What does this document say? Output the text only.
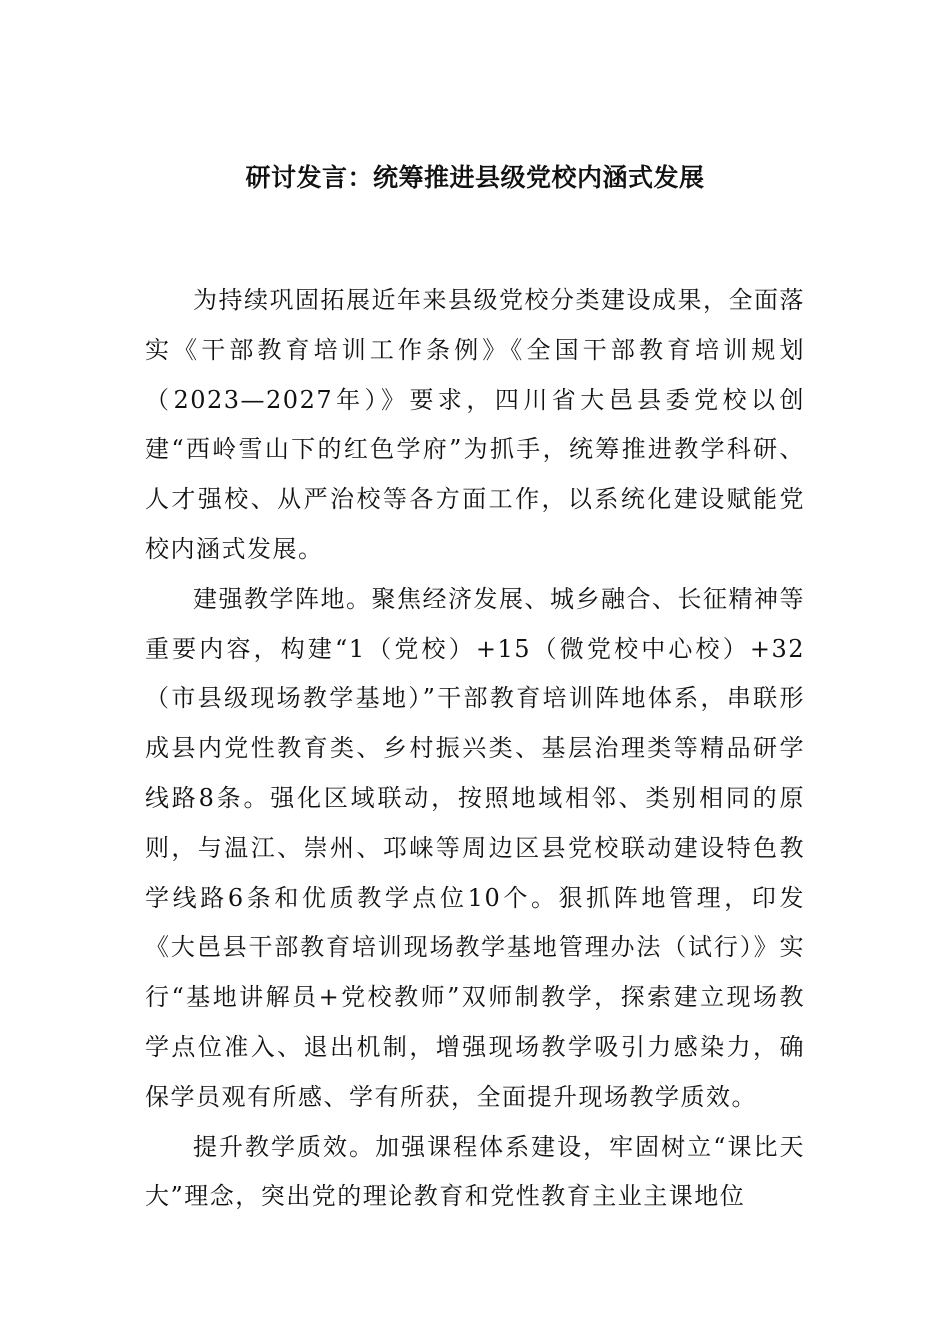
研讨发言：统筹推进县级党校内涵式发展

为持续巩固拓展近年来县级党校分类建设成果，全面落实《干部教育培训工作条例》《全国干部教育培训规划（2023—2027年）》要求，四川省大邑县委党校以创建“西岭雪山下的红色学府”为抓手，统筹推进教学科研、人才强校、从严治校等各方面工作，以系统化建设赋能党校内涵式发展。

建强教学阵地。聚焦经济发展、城乡融合、长征精神等重要内容，构建“1（党校）+15（微党校中心校）+32（市县级现场教学基地）”干部教育培训阵地体系，串联形成县内党性教育类、乡村振兴类、基层治理类等精品研学线路8条。强化区域联动，按照地域相邻、类别相同的原则，与温江、崇州、邛崃等周边区县党校联动建设特色教学线路6条和优质教学点位10个。狠抓阵地管理，印发《大邑县干部教育培训现场教学基地管理办法（试行）》实行“基地讲解员+党校教师”双师制教学，探索建立现场教学点位准入、退出机制，增强现场教学吸引力感染力，确保学员观有所感、学有所获，全面提升现场教学质效。

提升教学质效。加强课程体系建设，牢固树立“课比天大”理念，突出党的理论教育和党性教育主业主课地位
